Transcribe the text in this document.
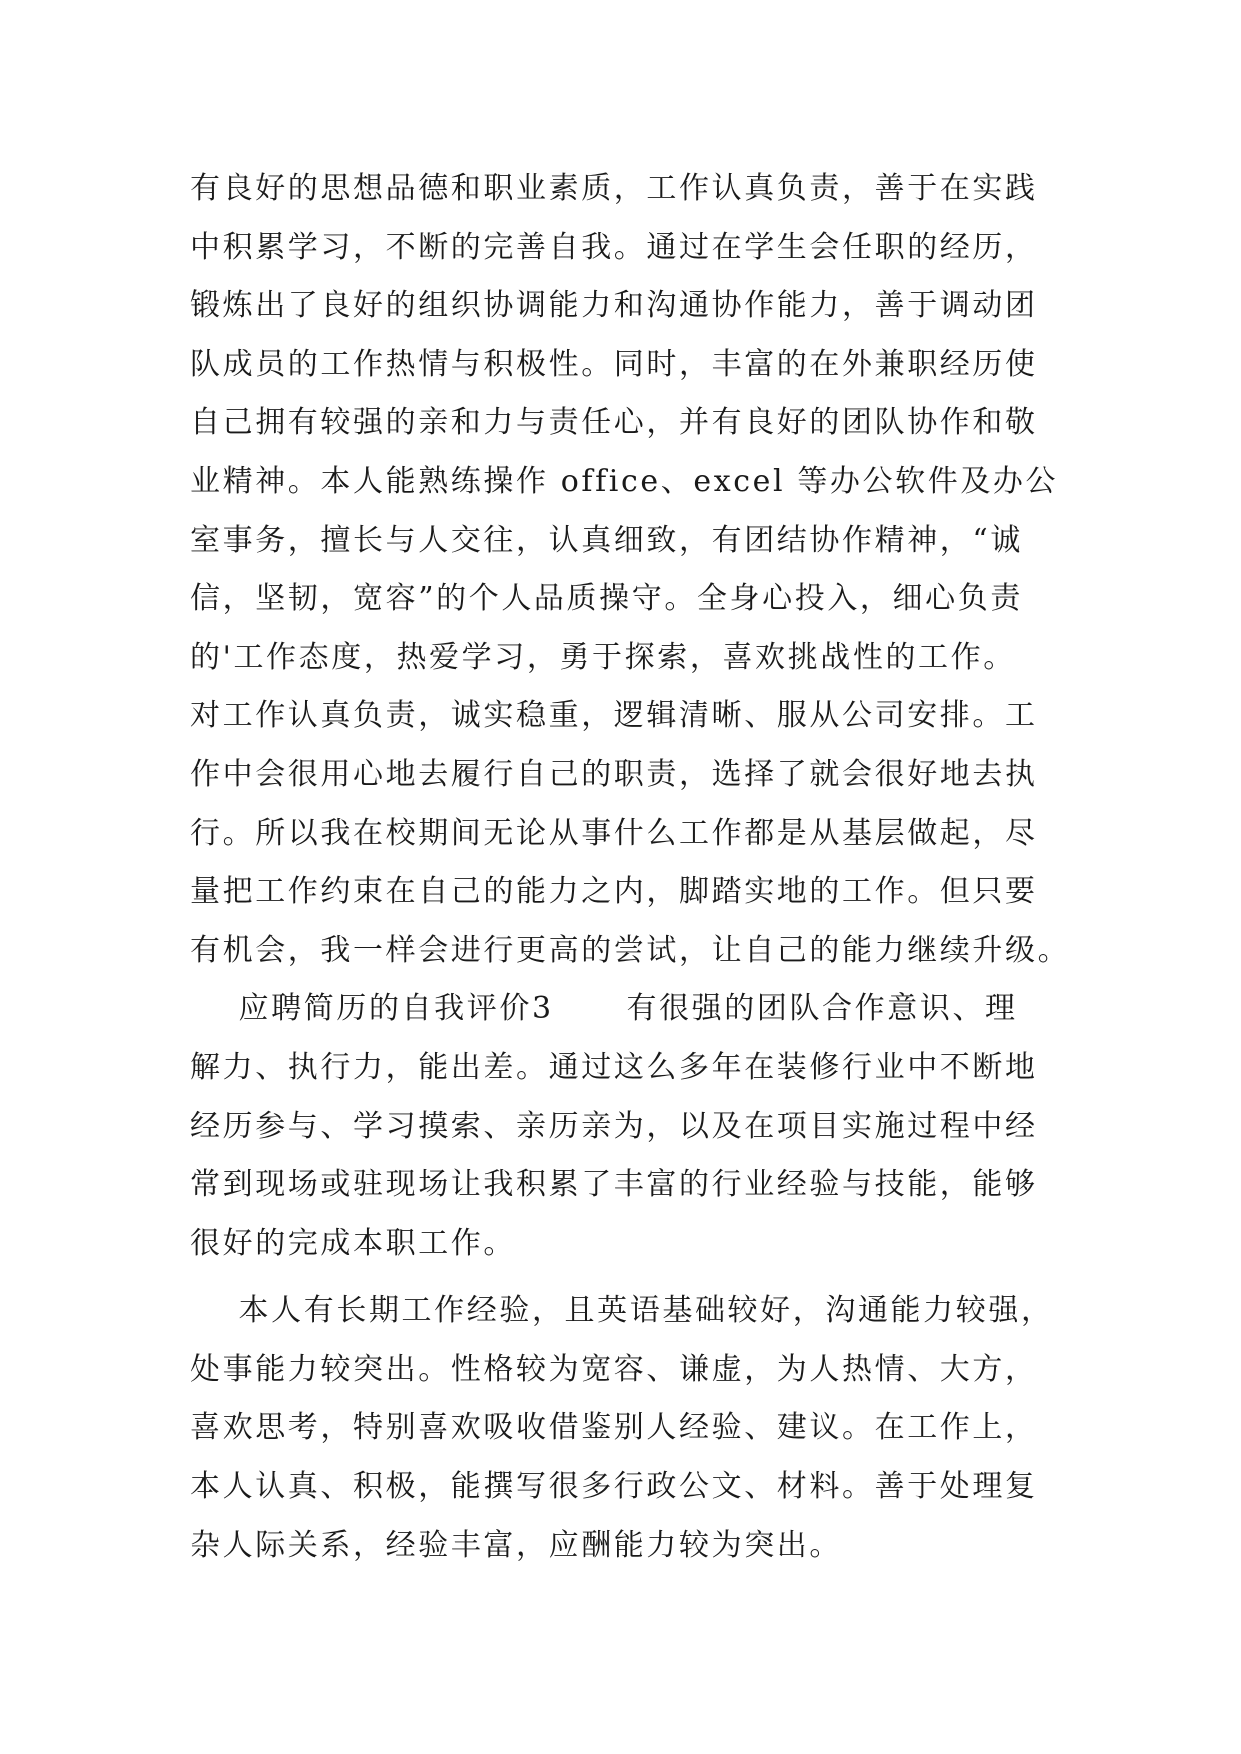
有良好的思想品德和职业素质，工作认真负责，善于在实践
中积累学习，不断的完善自我。通过在学生会任职的经历，
锻炼出了良好的组织协调能力和沟通协作能力，善于调动团
队成员的工作热情与积极性。同时，丰富的在外兼职经历使
自己拥有较强的亲和力与责任心，并有良好的团队协作和敬
业精神。本人能熟练操作 office、excel 等办公软件及办公
室事务，擅长与人交往，认真细致，有团结协作精神，“诚
信，坚韧，宽容”的个人品质操守。全身心投入，细心负责
的'工作态度，热爱学习，勇于探索，喜欢挑战性的工作。
对工作认真负责，诚实稳重，逻辑清晰、服从公司安排。工
作中会很用心地去履行自己的职责，选择了就会很好地去执
行。所以我在校期间无论从事什么工作都是从基层做起，尽
量把工作约束在自己的能力之内，脚踏实地的工作。但只要
有机会，我一样会进行更高的尝试，让自己的能力继续升级。
应聘简历的自我评价3      有很强的团队合作意识、理
解力、执行力，能出差。通过这么多年在装修行业中不断地
经历参与、学习摸索、亲历亲为，以及在项目实施过程中经
常到现场或驻现场让我积累了丰富的行业经验与技能，能够
很好的完成本职工作。
本人有长期工作经验，且英语基础较好，沟通能力较强，
处事能力较突出。性格较为宽容、谦虚，为人热情、大方，
喜欢思考，特别喜欢吸收借鉴别人经验、建议。在工作上，
本人认真、积极，能撰写很多行政公文、材料。善于处理复
杂人际关系，经验丰富，应酬能力较为突出。
